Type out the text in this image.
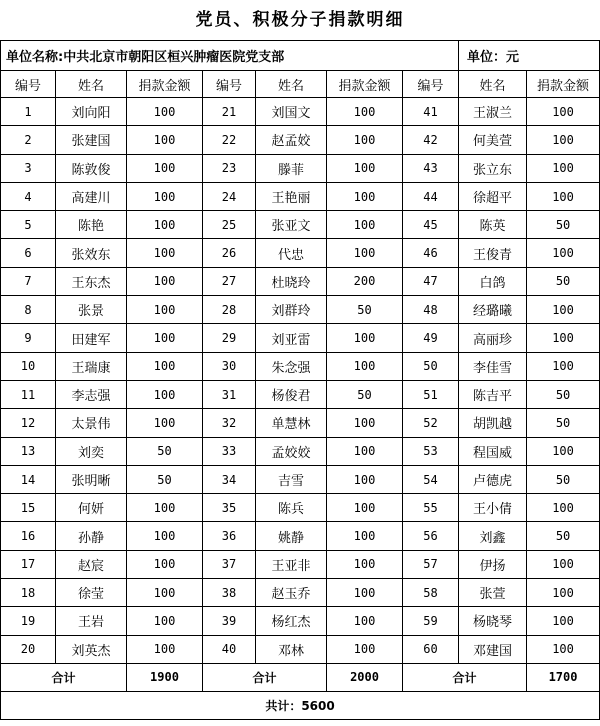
党员、积极分子捐款明细
单位名称:中共北京市朝阳区桓兴肿瘤医院党支部							单位：元	
编号	姓名	捐款金额	编号	姓名	捐款金额	编号	姓名	捐款金额
1	刘向阳	100	21	刘国文	100	41	王淑兰	100
2	张建国	100	22	赵孟姣	100	42	何美萱	100
3	陈敦俊	100	23	滕菲	100	43	张立东	100
4	高建川	100	24	王艳丽	100	44	徐超平	100
5	陈艳	100	25	张亚文	100	45	陈英	50
6	张效东	100	26	代忠	100	46	王俊青	100
7	王东杰	100	27	杜晓玲	200	47	白鸽	50
8	张景	100	28	刘群玲	50	48	经璐曦	100
9	田建军	100	29	刘亚雷	100	49	高丽珍	100
10	王瑞康	100	30	朱念强	100	50	李佳雪	100
11	李志强	100	31	杨俊君	50	51	陈吉平	50
12	太景伟	100	32	单慧林	100	52	胡凯越	50
13	刘奕	50	33	孟姣姣	100	53	程国威	100
14	张明晰	50	34	吉雪	100	54	卢德虎	50
15	何妍	100	35	陈兵	100	55	王小倩	100
16	孙静	100	36	姚静	100	56	刘鑫	50
17	赵宸	100	37	王亚非	100	57	伊扬	100
18	徐莹	100	38	赵玉乔	100	58	张萱	100
19	王岩	100	39	杨红杰	100	59	杨晓琴	100
20	刘英杰	100	40	邓林	100	60	邓建国	100
合计		1900	合计		2000	合计		1700
共计：5600								
